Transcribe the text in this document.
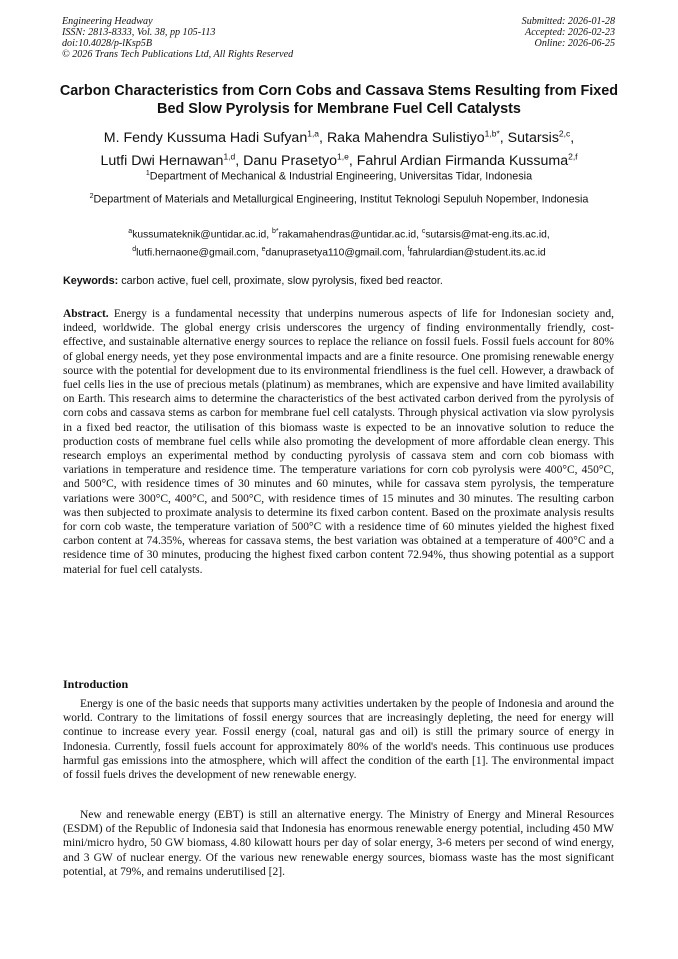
Engineering Headway
ISSN: 2813-8333, Vol. 38, pp 105-113
doi:10.4028/p-lKsp5B
© 2026 Trans Tech Publications Ltd, All Rights Reserved
Submitted: 2026-01-28
Accepted: 2026-02-23
Online: 2026-06-25
Carbon Characteristics from Corn Cobs and Cassava Stems Resulting from Fixed Bed Slow Pyrolysis for Membrane Fuel Cell Catalysts
M. Fendy Kussuma Hadi Sufyan$^{1,a}$, Raka Mahendra Sulistiyo$^{1,b*}$, Sutarsis$^{2,c}$,
Lutfi Dwi Hernawan$^{1,d}$, Danu Prasetyo$^{1,e}$, Fahrul Ardian Firmanda Kussuma$^{2,f}$
$^1$Department of Mechanical & Industrial Engineering, Universitas Tidar, Indonesia
$^2$Department of Materials and Metallurgical Engineering, Institut Teknologi Sepuluh Nopember, Indonesia
$^a$kussumateknik@untidar.ac.id, $^{b*}$rakamahendras@untidar.ac.id, $^c$sutarsis@mat-eng.its.ac.id,
$^d$lutfi.hernaone@gmail.com, $^e$danuprasetya110@gmail.com, $^f$fahrulardian@student.its.ac.id
Keywords: carbon active, fuel cell, proximate, slow pyrolysis, fixed bed reactor.

Abstract. Energy is a fundamental necessity that underpins numerous aspects of life for Indonesian society and, indeed, worldwide. The global energy crisis underscores the urgency of finding environmentally friendly, cost-effective, and sustainable alternative energy sources to replace the reliance on fossil fuels. Fossil fuels account for 80% of global energy needs, yet they pose environmental impacts and are a finite resource. One promising renewable energy source with the potential for development due to its environmental friendliness is the fuel cell. However, a drawback of fuel cells lies in the use of precious metals (platinum) as membranes, which are expensive and have limited availability on Earth. This research aims to determine the characteristics of the best activated carbon derived from the pyrolysis of corn cobs and cassava stems as carbon for membrane fuel cell catalysts. Through physical activation via slow pyrolysis in a fixed bed reactor, the utilisation of this biomass waste is expected to be an innovative solution to reduce the production costs of membrane fuel cells while also promoting the development of more affordable clean energy. This research employs an experimental method by conducting pyrolysis of cassava stem and corn cob biomass with variations in temperature and residence time. The temperature variations for corn cob pyrolysis were 400°C, 450°C, and 500°C, with residence times of 30 minutes and 60 minutes, while for cassava stem pyrolysis, the temperature variations were 300°C, 400°C, and 500°C, with residence times of 15 minutes and 30 minutes. The resulting carbon was then subjected to proximate analysis to determine its fixed carbon content. Based on the proximate analysis results for corn cob waste, the temperature variation of 500°C with a residence time of 60 minutes yielded the highest fixed carbon content at 74.35%, whereas for cassava stems, the best variation was obtained at a temperature of 400°C and a residence time of 30 minutes, producing the highest fixed carbon content 72.94%, thus showing potential as a support material for fuel cell catalysts.

Introduction

Energy is one of the basic needs that supports many activities undertaken by the people of Indonesia and around the world. Contrary to the limitations of fossil energy sources that are increasingly depleting, the need for energy will continue to increase every year. Fossil energy (coal, natural gas and oil) is still the primary source of energy in Indonesia. Currently, fossil fuels account for approximately 80% of the world's needs. This continuous use produces harmful gas emissions into the atmosphere, which will affect the condition of the earth [1]. The environmental impact of fossil fuels drives the development of new renewable energy.

New and renewable energy (EBT) is still an alternative energy. The Ministry of Energy and Mineral Resources (ESDM) of the Republic of Indonesia said that Indonesia has enormous renewable energy potential, including 450 MW mini/micro hydro, 50 GW biomass, 4.80 kilowatt hours per day of solar energy, 3-6 meters per second of wind energy, and 3 GW of nuclear energy. Of the various new renewable energy sources, biomass waste has the most significant potential, at 79%, and remains underutilised [2].
